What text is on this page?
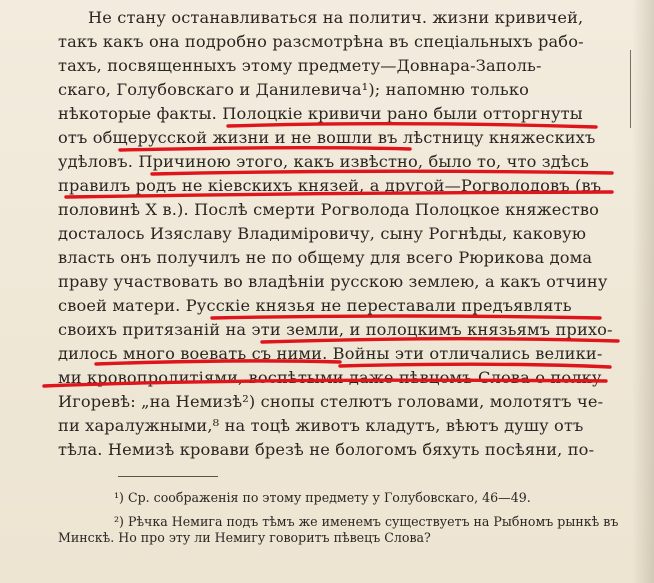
Не стану останавливаться на политич. жизни кривичей,
такъ какъ она подробно разсмотрѣна въ спеціальныхъ рабо-
тахъ, посвященныхъ этому предмету—Довнара-Заполь-
скаго, Голубовскаго и Данилевича¹); напомню только
нѣкоторые факты. Полоцкіе кривичи рано были отторгнуты
отъ общерусской жизни и не вошли въ лѣстницу княжескихъ
удѣловъ. Причиною этого, какъ извѣстно, было то, что здѣсь
правилъ родъ не кіевскихъ князей, а другой—Рогволодовъ (въ
половинѣ X в.). Послѣ смерти Рогволода Полоцкое княжество
досталось Изяславу Владиміровичу, сыну Рогнѣды, каковую
власть онъ получилъ не по общему для всего Рюрикова дома
праву участвовать во владѣніи русскою землею, а какъ отчину
своей матери. Русскіе князья не переставали предъявлять
своихъ притязаній на эти земли, и полоцкимъ князьямъ прихо-
дилось много воевать съ ними. Войны эти отличались велики-
ми кровопролитіями, воспѣтыми даже пѣвцомъ Слова о полку
Игоревѣ: „на Немизѣ²) снопы стелютъ головами, молотятъ че-
пи харалужными,⁸ на тоцѣ животъ кладутъ, вѣютъ душу отъ
тѣла. Немизѣ кровави брезѣ не бологомъ бяхуть посѣяни, по-
¹) Ср. соображенія по этому предмету у Голубовскаго, 46—49.
²) Рѣчка Немига подъ тѣмъ же именемъ существуетъ на Рыбномъ рынкѣ въ
Минскѣ. Но про эту ли Немигу говоритъ пѣвецъ Слова?
